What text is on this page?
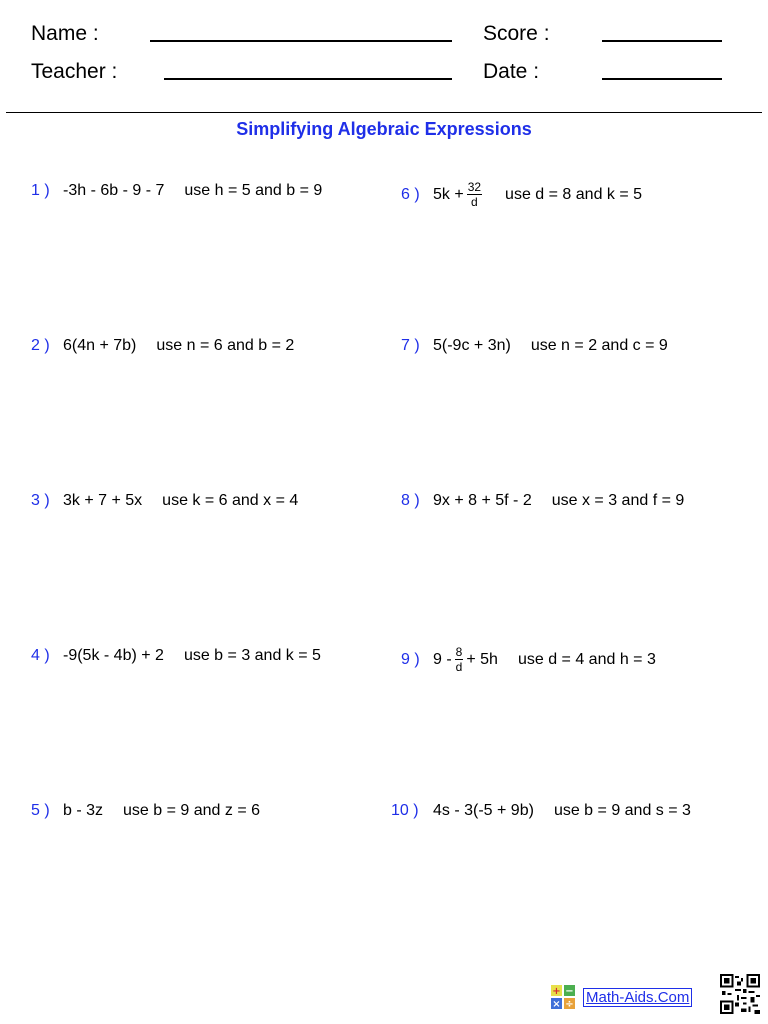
Name :	Score :
Teacher :	Date :
Simplifying Algebraic Expressions
1 ) -3h - 6b - 9 - 7 use h = 5 and b = 9
2 ) 6(4n + 7b) use n = 6 and b = 2
3 ) 3k + 7 + 5x use k = 6 and x = 4
4 ) -9(5k - 4b) + 2 use b = 3 and k = 5
5 ) b - 3z use b = 9 and z = 6
6 ) $5k + \frac{32}{d}$ use d = 8 and k = 5
7 ) 5(-9c + 3n) use n = 2 and c = 9
8 ) 9x + 8 + 5f - 2 use x = 3 and f = 9
9 ) $9 - \frac{8}{d} + 5h$ use d = 4 and h = 3
10 ) 4s - 3(-5 + 9b) use b = 9 and s = 3
+ −
× ÷ Math-Aids.Com
